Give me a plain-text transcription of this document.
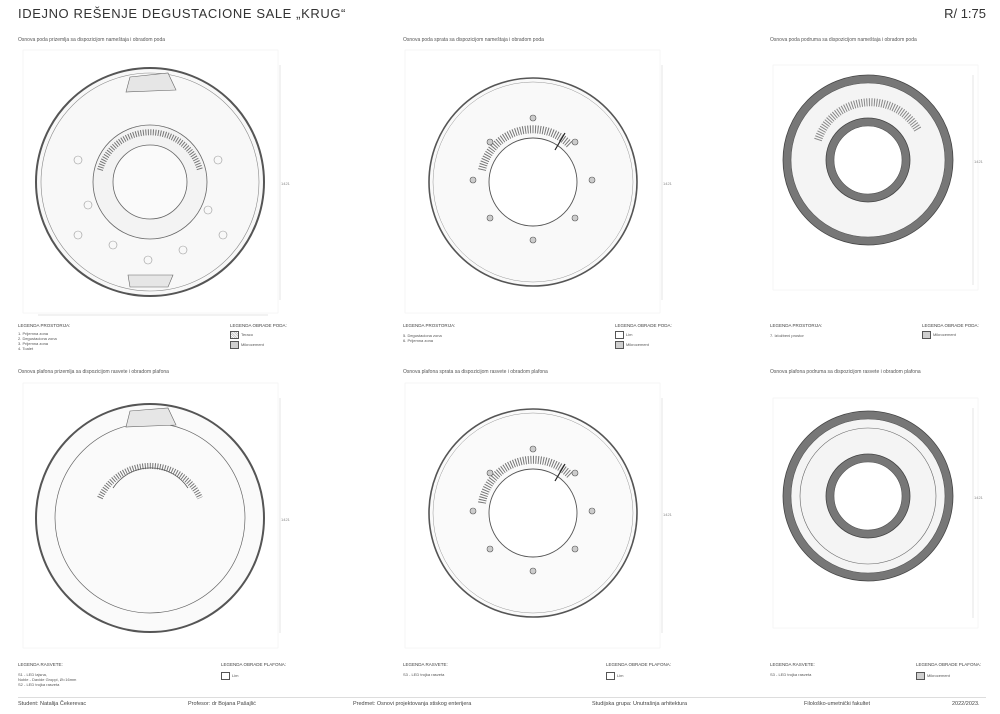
IDEJNO REŠENJE DEGUSTACIONE SALE „KRUG“	R/ 1:75
Osnova poda prizemlja sa dispozicijom nameštaja i obradom poda
1421
LEGENDA PROSTORIJA:
1. Prijemna zona
2. Degustaciona zona
3. Prijemna zona
4. Toalet
LEGENDA OBRADE PODA:
Teraco
Mikrocement
Osnova poda sprata sa dispozicijom nameštaja i obradom poda
1421
LEGENDA PROSTORIJA:
5. Degustaciona zona
6. Prijemna zona
LEGENDA OBRADE PODA:
Lim
Mikrocement
Osnova poda podruma sa dispozicijom nameštaja i obradom poda
1421
LEGENDA PROSTORIJA:
7. Izložbeni prostor
LEGENDA OBRADE PODA:
Mikrocement
Osnova plafona prizemlja sa dispozicijom rasvete i obradom plafona
1421
LEGENDA RASVETE:
S1 - LED lajsna,
Noble - Davide Groppi, Ø=16mm
S2 - LED trojka rasveta
LEGENDA OBRADE PLAFONA:
Lim
Osnova plafona sprata sa dispozicijom rasvete i obradom plafona
1421
LEGENDA RASVETE:
S3 - LED trojka rasveta
LEGENDA OBRADE PLAFONA:
Lim
Osnova plafona podruma sa dispozicijom rasvete i obradom plafona
1421
LEGENDA RASVETE:
S3 - LED trojka rasveta
LEGENDA OBRADE PLAFONA:
Mikrocement
Student: Natalija Čekerevac	Profesor: dr Bojana Pašajlić	Predmet: Osnovi projektovanja stiskog enterijera	Studijska grupa: Unutrašnja arhitektura	Filološko-umetnički fakultet	2022/2023.
